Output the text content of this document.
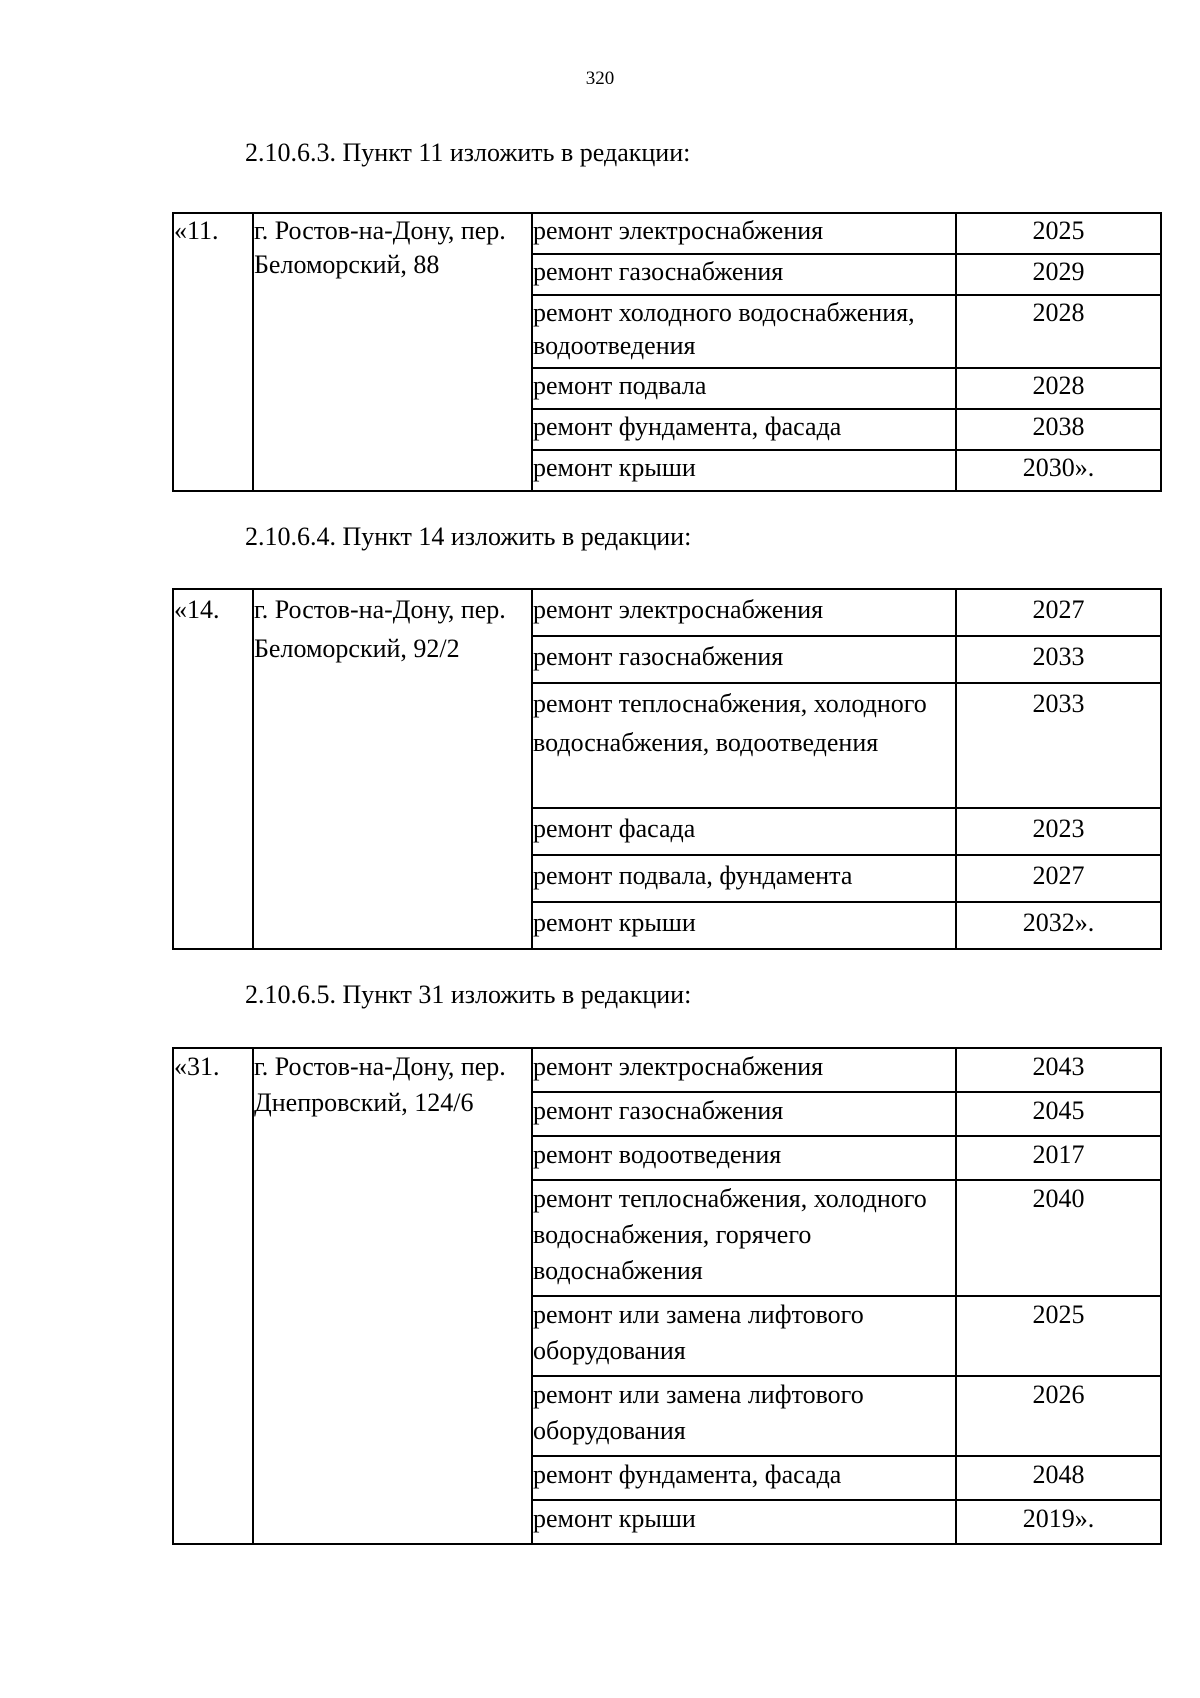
320
2.10.6.3. Пункт 11 изложить в редакции:
«11.	г. Ростов-на-Дону, пер. Беломорский, 88	ремонт электроснабжения	2025
		ремонт газоснабжения	2029
		ремонт холодного водоснабжения, водоотведения	2028
		ремонт подвала	2028
		ремонт фундамента, фасада	2038
		ремонт крыши	2030».
2.10.6.4. Пункт 14 изложить в редакции:
«14.	г. Ростов-на-Дону, пер. Беломорский, 92/2	ремонт электроснабжения	2027
		ремонт газоснабжения	2033
		ремонт теплоснабжения, холодного водоснабжения, водоотведения	2033
		ремонт фасада	2023
		ремонт подвала, фундамента	2027
		ремонт крыши	2032».
2.10.6.5. Пункт 31 изложить в редакции:
«31.	г. Ростов-на-Дону, пер. Днепровский, 124/6	ремонт электроснабжения	2043
		ремонт газоснабжения	2045
		ремонт водоотведения	2017
		ремонт теплоснабжения, холодного водоснабжения, горячего водоснабжения	2040
		ремонт или замена лифтового оборудования	2025
		ремонт или замена лифтового оборудования	2026
		ремонт фундамента, фасада	2048
		ремонт крыши	2019».
